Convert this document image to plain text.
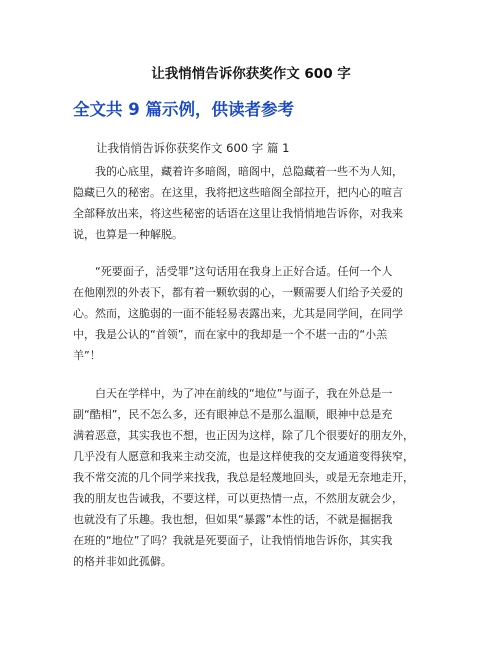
让我悄悄告诉你获奖作文 600 字
全文共 9 篇示例，供读者参考
让我悄悄告诉你获奖作文 600 字 篇 1
　　我的心底里，藏着许多暗阁，暗阁中，总隐藏着一些不为人知，
隐藏已久的秘密。在这里，我将把这些暗阁全部拉开，把内心的喧言
全部释放出来，将这些秘密的话语在这里让我悄悄地告诉你，对我来
说，也算是一种解脱。
　　“死要面子，活受罪”这句话用在我身上正好合适。任何一个人
在他刚烈的外表下，都有着一颗软弱的心，一颗需要人们给予关爱的
心。然而，这脆弱的一面不能轻易表露出来，尤其是同学间，在同学
中，我是公认的“首领”，而在家中的我却是一个不堪一击的“小羔
羊”！
　　白天在学样中，为了冲在前线的“地位”与面子，我在外总是一
副“酷相”，民不怎么多，还有眼神总不是那么温顺，眼神中总是充
满着恶意，其实我也不想，也正因为这样，除了几个很要好的朋友外，
几乎没有人愿意和我来主动交流，也是这样使我的交友通道变得狭窄，
我不常交流的几个同学来找我，我总是轻蔑地回头，或是无奈地走开，
我的朋友也告诫我，不要这样，可以更热情一点，不然朋友就会少，
也就没有了乐趣。我也想，但如果“暴露”本性的话，不就是掘据我
在班的“地位”了吗？我就是死要面子，让我悄悄地告诉你，其实我
的格并非如此孤僻。
